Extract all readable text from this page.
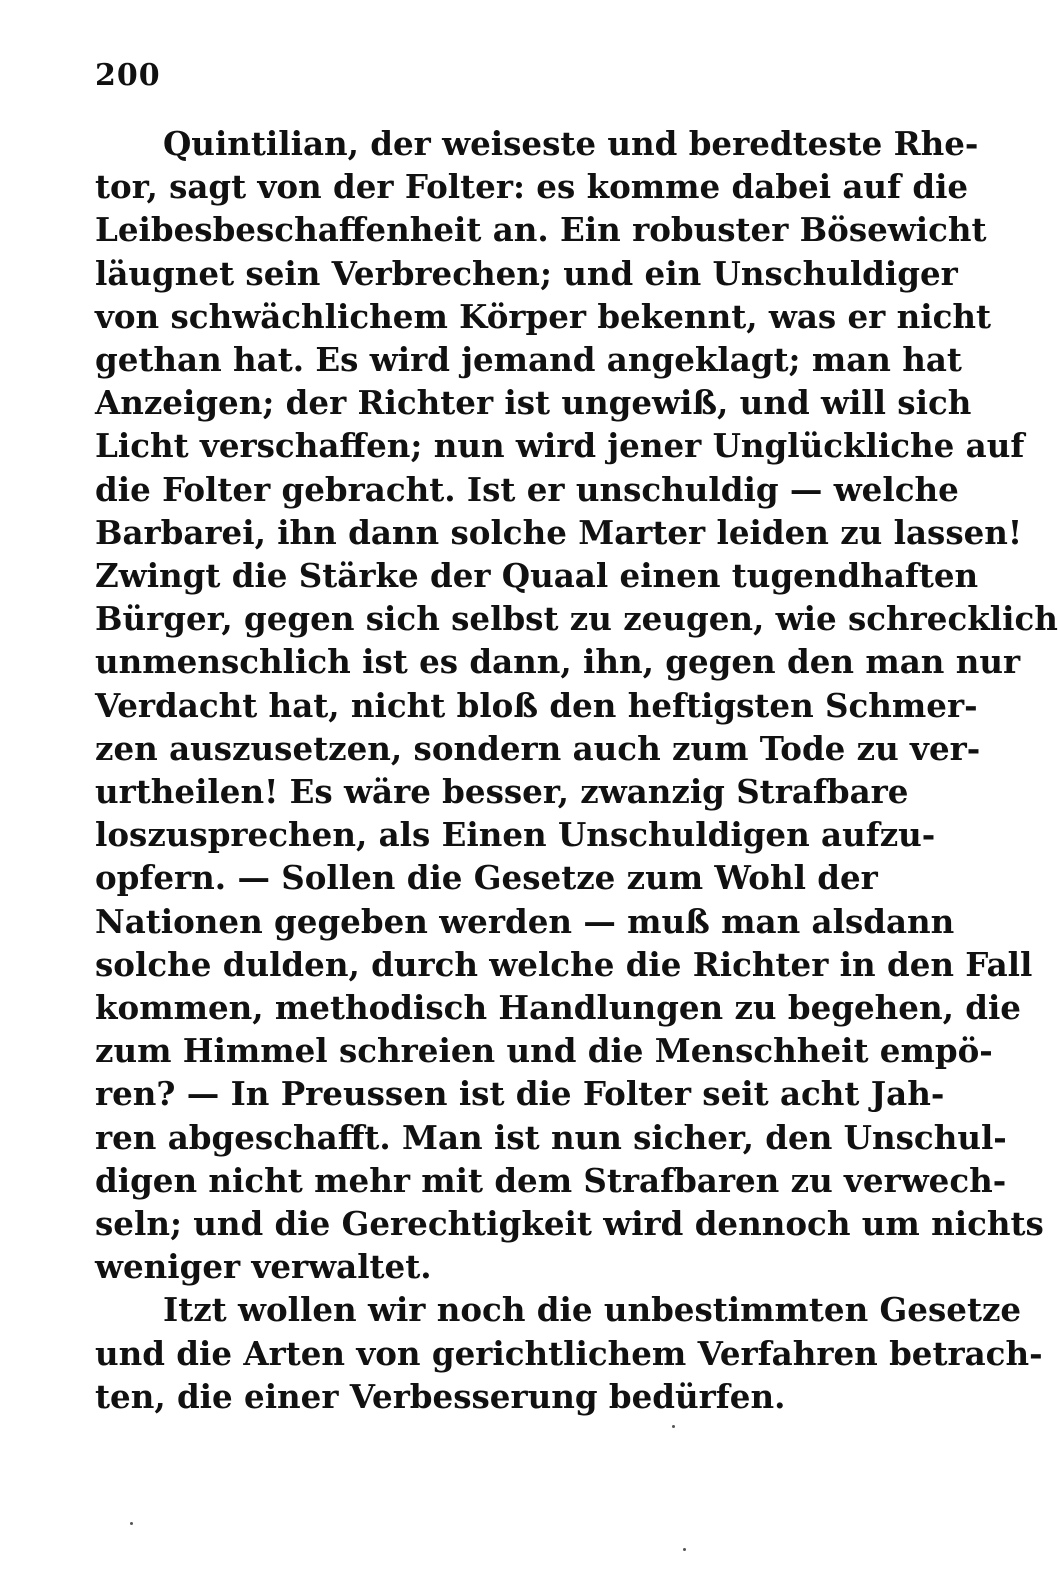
200
Quintilian, der weiseste und beredteste Rhe-
tor, sagt von der Folter: es komme dabei auf die
Leibesbeschaffenheit an. Ein robuster Bösewicht
läugnet sein Verbrechen; und ein Unschuldiger
von schwächlichem Körper bekennt, was er nicht
gethan hat. Es wird jemand angeklagt; man hat
Anzeigen; der Richter ist ungewiß, und will sich
Licht verschaffen; nun wird jener Unglückliche auf
die Folter gebracht. Ist er unschuldig — welche
Barbarei, ihn dann solche Marter leiden zu lassen!
Zwingt die Stärke der Quaal einen tugendhaften
Bürger, gegen sich selbst zu zeugen, wie schrecklich
unmenschlich ist es dann, ihn, gegen den man nur
Verdacht hat, nicht bloß den heftigsten Schmer-
zen auszusetzen, sondern auch zum Tode zu ver-
urtheilen! Es wäre besser, zwanzig Strafbare
loszusprechen, als Einen Unschuldigen aufzu-
opfern. — Sollen die Gesetze zum Wohl der
Nationen gegeben werden — muß man alsdann
solche dulden, durch welche die Richter in den Fall
kommen, methodisch Handlungen zu begehen, die
zum Himmel schreien und die Menschheit empö-
ren? — In Preussen ist die Folter seit acht Jah-
ren abgeschafft. Man ist nun sicher, den Unschul-
digen nicht mehr mit dem Strafbaren zu verwech-
seln; und die Gerechtigkeit wird dennoch um nichts
weniger verwaltet.
Itzt wollen wir noch die unbestimmten Gesetze
und die Arten von gerichtlichem Verfahren betrach-
ten, die einer Verbesserung bedürfen.
